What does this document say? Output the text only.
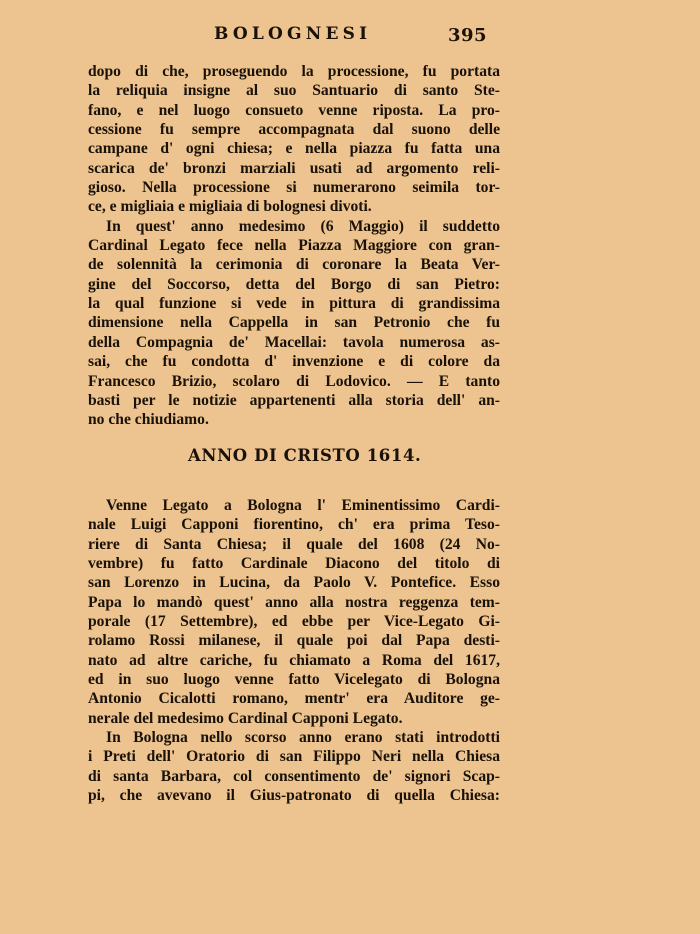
BOLOGNESI	395
dopo di che, proseguendo la processione, fu portata
la reliquia insigne al suo Santuario di santo Ste-
fano, e nel luogo consueto venne riposta. La pro-
cessione fu sempre accompagnata dal suono delle
campane d' ogni chiesa; e nella piazza fu fatta una
scarica de' bronzi marziali usati ad argomento reli-
gioso. Nella processione si numerarono seimila tor-
ce, e migliaia e migliaia di bolognesi divoti.
In quest' anno medesimo (6 Maggio) il suddetto
Cardinal Legato fece nella Piazza Maggiore con gran-
de solennità la cerimonia di coronare la Beata Ver-
gine del Soccorso, detta del Borgo di san Pietro:
la qual funzione si vede in pittura di grandissima
dimensione nella Cappella in san Petronio che fu
della Compagnia de' Macellai: tavola numerosa as-
sai, che fu condotta d' invenzione e di colore da
Francesco Brizio, scolaro di Lodovico. — E tanto
basti per le notizie appartenenti alla storia dell' an-
no che chiudiamo.
ANNO DI CRISTO 1614.
Venne Legato a Bologna l' Eminentissimo Cardi-
nale Luigi Capponi fiorentino, ch' era prima Teso-
riere di Santa Chiesa; il quale del 1608 (24 No-
vembre) fu fatto Cardinale Diacono del titolo di
san Lorenzo in Lucina, da Paolo V. Pontefice. Esso
Papa lo mandò quest' anno alla nostra reggenza tem-
porale (17 Settembre), ed ebbe per Vice-Legato Gi-
rolamo Rossi milanese, il quale poi dal Papa desti-
nato ad altre cariche, fu chiamato a Roma del 1617,
ed in suo luogo venne fatto Vicelegato di Bologna
Antonio Cicalotti romano, mentr' era Auditore ge-
nerale del medesimo Cardinal Capponi Legato.
In Bologna nello scorso anno erano stati introdotti
i Preti dell' Oratorio di san Filippo Neri nella Chiesa
di santa Barbara, col consentimento de' signori Scap-
pi, che avevano il Gius-patronato di quella Chiesa:
